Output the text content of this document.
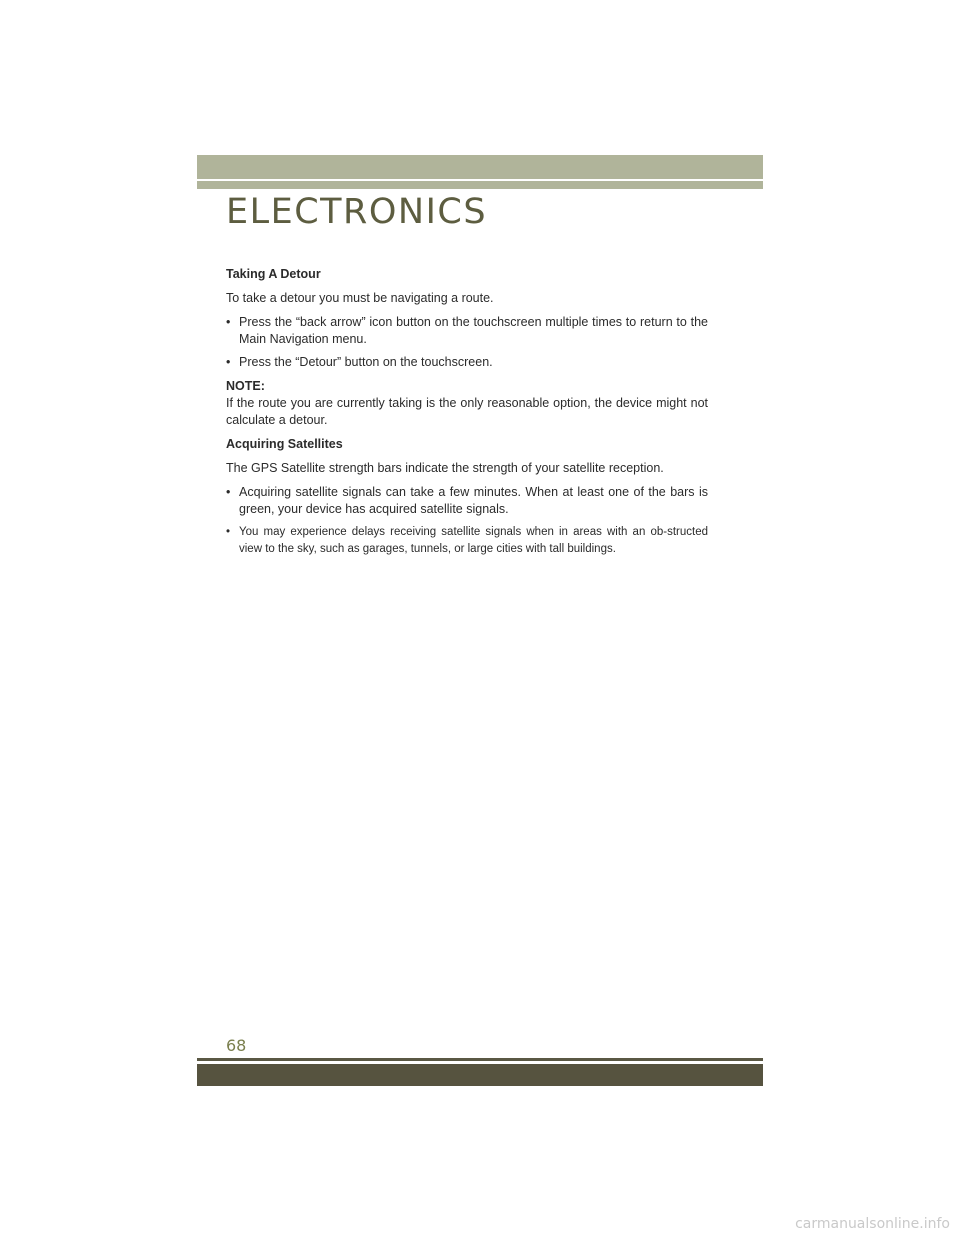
ELECTRONICS

Taking A Detour

To take a detour you must be navigating a route.

• Press the “back arrow” icon button on the touchscreen multiple times to return to the Main Navigation menu.
• Press the “Detour” button on the touchscreen.

NOTE:
If the route you are currently taking is the only reasonable option, the device might not calculate a detour.

Acquiring Satellites

The GPS Satellite strength bars indicate the strength of your satellite reception.

• Acquiring satellite signals can take a few minutes. When at least one of the bars is green, your device has acquired satellite signals.
• You may experience delays receiving satellite signals when in areas with an ob-structed view to the sky, such as garages, tunnels, or large cities with tall buildings.

68

carmanualsonline.info
